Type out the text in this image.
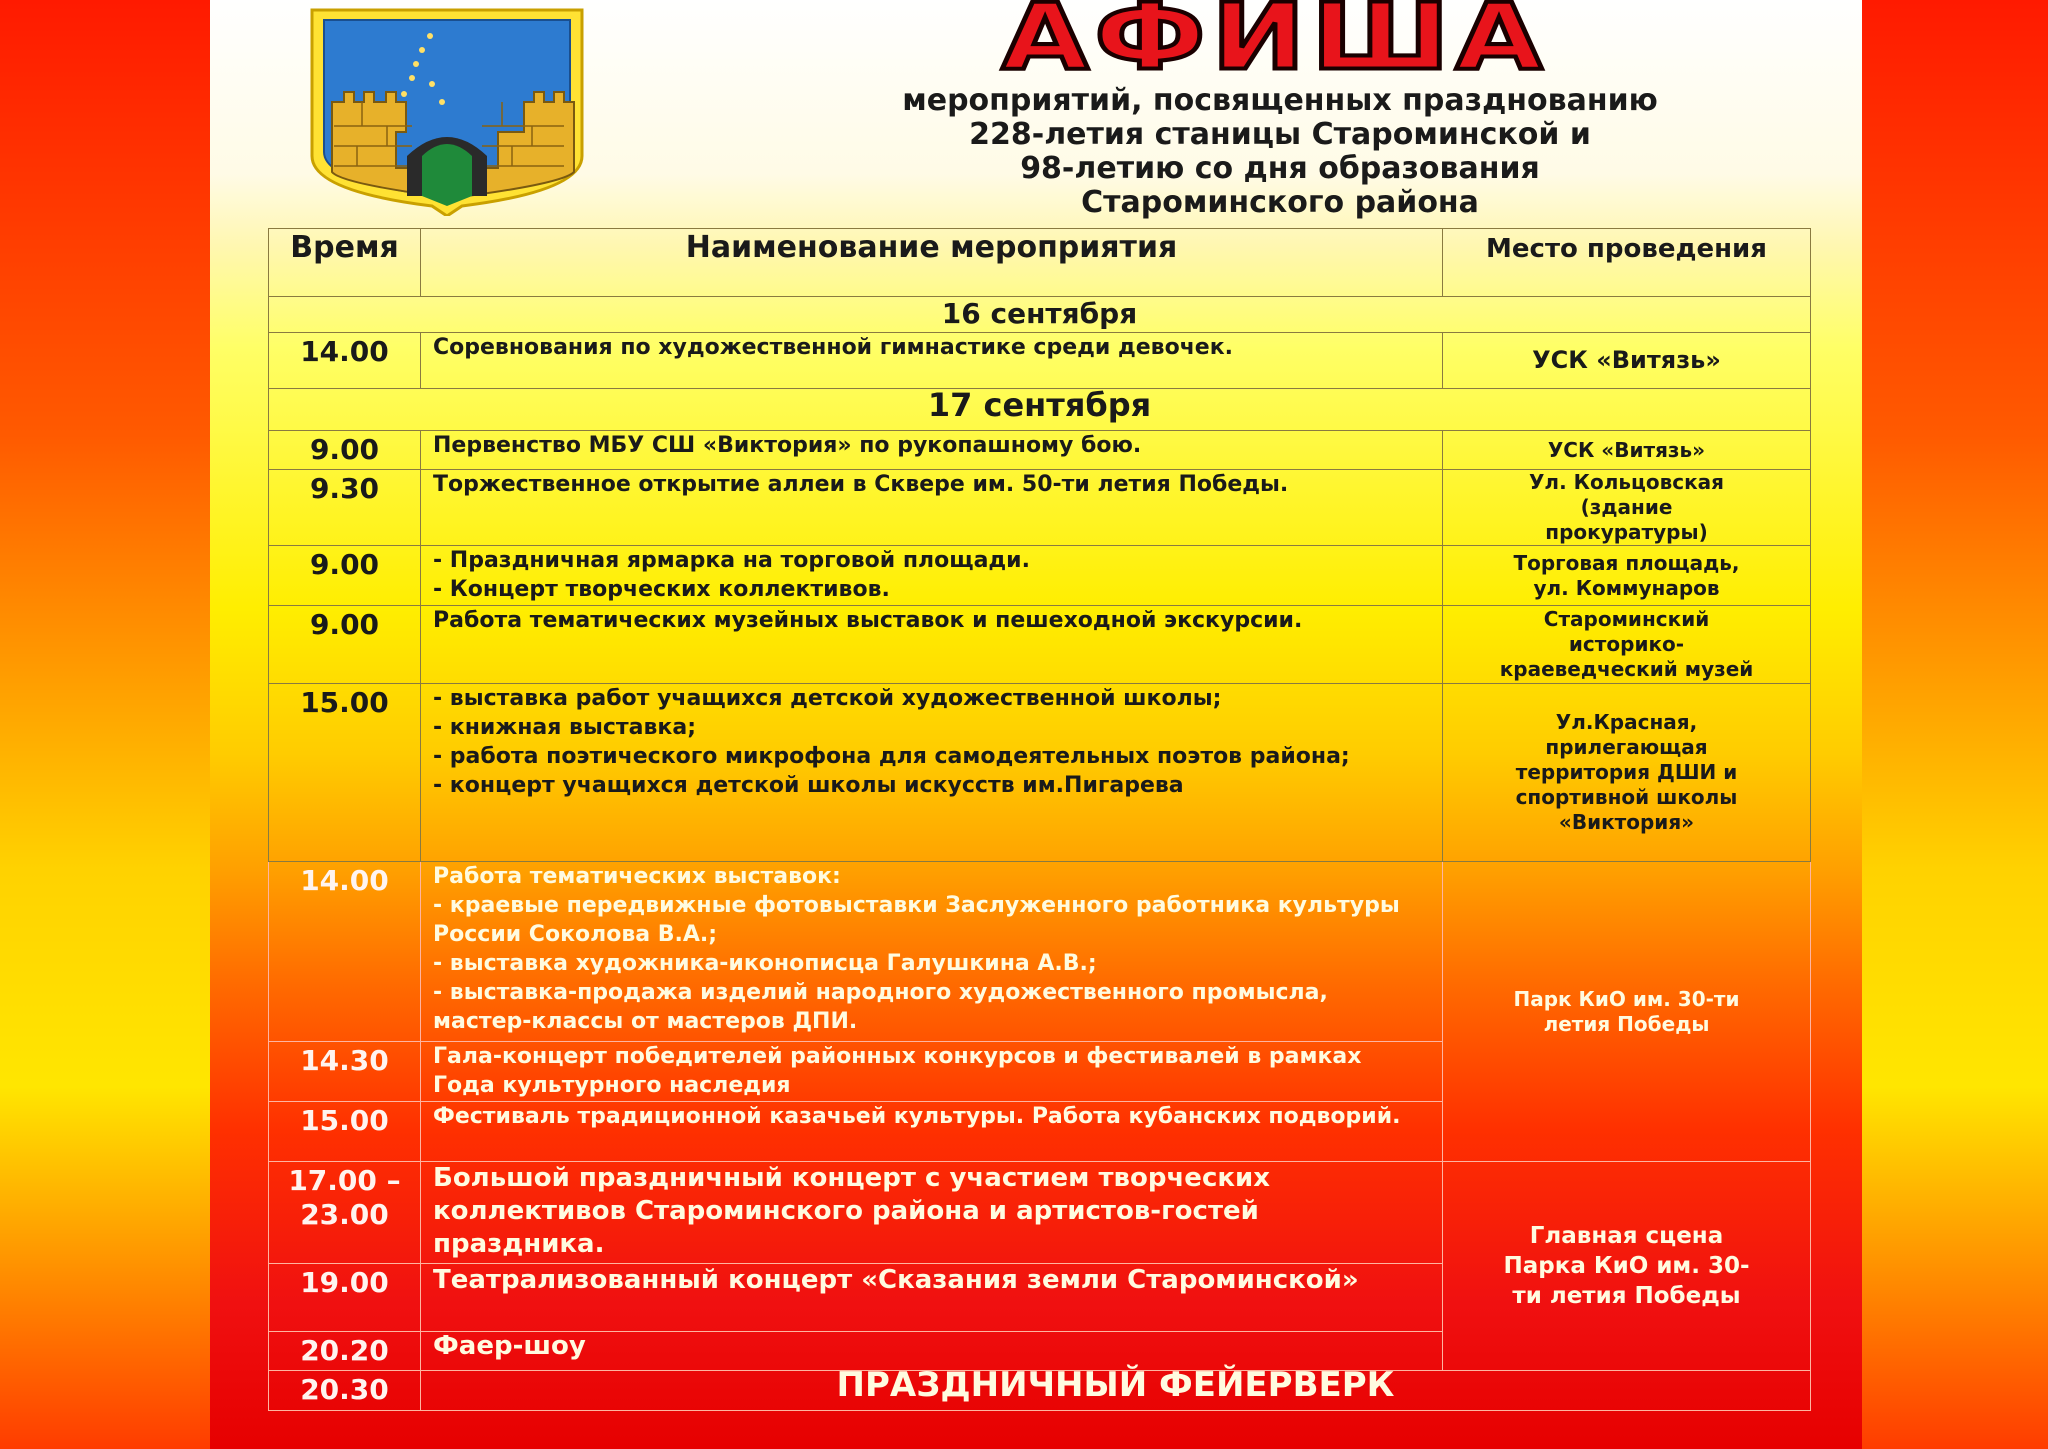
АФИША
мероприятий, посвященных празднованию
228-летия станицы Староминской и
98-летию со дня образования
Староминского района
Время	Наименование мероприятия	Место проведения
16 сентября		
14.00	Соревнования по художественной гимнастике среди девочек.	УСК «Витязь»

17 сентября		
9.00	Первенство МБУ СШ «Виктория» по рукопашному бою.	УСК «Витязь»

9.30	Торжественное открытие аллеи в Сквере им. 50-ти летия Победы.	Ул. Кольцовская
(здание
прокуратуры)

9.00	- Праздничная ярмарка на торговой площади.
- Концерт творческих коллективов.	Торговая площадь,
ул. Коммунаров

9.00	Работа тематических музейных выставок и пешеходной экскурсии.	Староминский
историко-
краеведческий музей

15.00	- выставка работ учащихся детской художественной школы;
- книжная выставка;
- работа поэтического микрофона для самодеятельных поэтов района;
- концерт учащихся детской школы искусств им.Пигарева	Ул.Красная,
прилегающая
территория ДШИ и
спортивной школы
«Виктория»

14.00	Работа тематических выставок:
- краевые передвижные фотовыставки Заслуженного работника культуры России Соколова В.А.;
- выставка художника-иконописца Галушкина А.В.;
- выставка-продажа изделий народного художественного промысла, мастер-классы от мастеров ДПИ.	Парк КиО им. 30-ти
летия Победы

14.30	Гала-концерт победителей районных конкурсов и фестивалей в рамках Года культурного наследия	

15.00	Фестиваль традиционной казачьей культуры. Работа кубанских подворий.	

17.00 –
23.00	Большой праздничный концерт с участием творческих коллективов Староминского района и артистов-гостей праздника.	Главная сцена
Парка КиО им. 30-
ти летия Победы

19.00	Театрализованный концерт «Сказания земли Староминской»	

20.20	Фаер-шоу	

20.30	ПРАЗДНИЧНЫЙ ФЕЙЕРВЕРК	
